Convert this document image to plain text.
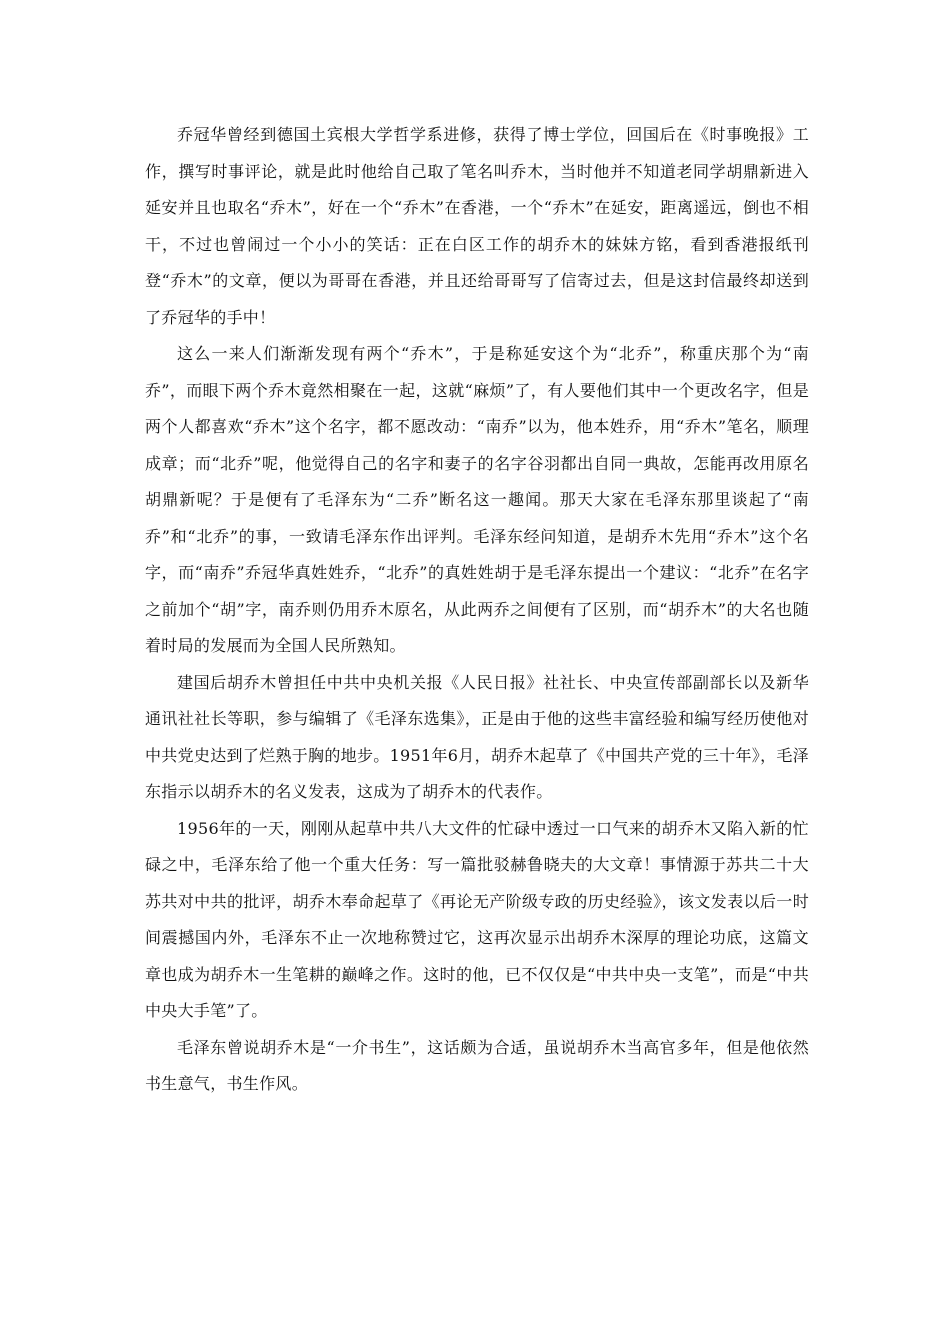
乔冠华曾经到德国土宾根大学哲学系进修，获得了博士学位，回国后在《时事晚报》工作，撰写时事评论，就是此时他给自己取了笔名叫乔木，当时他并不知道老同学胡鼎新进入延安并且也取名“乔木”，好在一个“乔木”在香港，一个“乔木”在延安，距离遥远，倒也不相干，不过也曾闹过一个小小的笑话：正在白区工作的胡乔木的妹妹方铭，看到香港报纸刊登“乔木”的文章，便以为哥哥在香港，并且还给哥哥写了信寄过去，但是这封信最终却送到了乔冠华的手中！

这么一来人们渐渐发现有两个“乔木”，于是称延安这个为“北乔”，称重庆那个为“南乔”，而眼下两个乔木竟然相聚在一起，这就“麻烦”了，有人要他们其中一个更改名字，但是两个人都喜欢“乔木”这个名字，都不愿改动：“南乔”以为，他本姓乔，用“乔木”笔名，顺理成章；而“北乔”呢，他觉得自己的名字和妻子的名字谷羽都出自同一典故，怎能再改用原名胡鼎新呢？于是便有了毛泽东为“二乔”断名这一趣闻。那天大家在毛泽东那里谈起了“南乔”和“北乔”的事，一致请毛泽东作出评判。毛泽东经问知道，是胡乔木先用“乔木”这个名字，而“南乔”乔冠华真姓姓乔，“北乔”的真姓姓胡于是毛泽东提出一个建议：“北乔”在名字之前加个“胡”字，南乔则仍用乔木原名，从此两乔之间便有了区别，而“胡乔木”的大名也随着时局的发展而为全国人民所熟知。

建国后胡乔木曾担任中共中央机关报《人民日报》社社长、中央宣传部副部长以及新华通讯社社长等职，参与编辑了《毛泽东选集》，正是由于他的这些丰富经验和编写经历使他对中共党史达到了烂熟于胸的地步。1951年6月，胡乔木起草了《中国共产党的三十年》，毛泽东指示以胡乔木的名义发表，这成为了胡乔木的代表作。

1956年的一天，刚刚从起草中共八大文件的忙碌中透过一口气来的胡乔木又陷入新的忙碌之中，毛泽东给了他一个重大任务：写一篇批驳赫鲁晓夫的大文章！事情源于苏共二十大苏共对中共的批评，胡乔木奉命起草了《再论无产阶级专政的历史经验》，该文发表以后一时间震撼国内外，毛泽东不止一次地称赞过它，这再次显示出胡乔木深厚的理论功底，这篇文章也成为胡乔木一生笔耕的巅峰之作。这时的他，已不仅仅是“中共中央一支笔”，而是“中共中央大手笔”了。

毛泽东曾说胡乔木是“一介书生”，这话颇为合适，虽说胡乔木当高官多年，但是他依然书生意气，书生作风。
